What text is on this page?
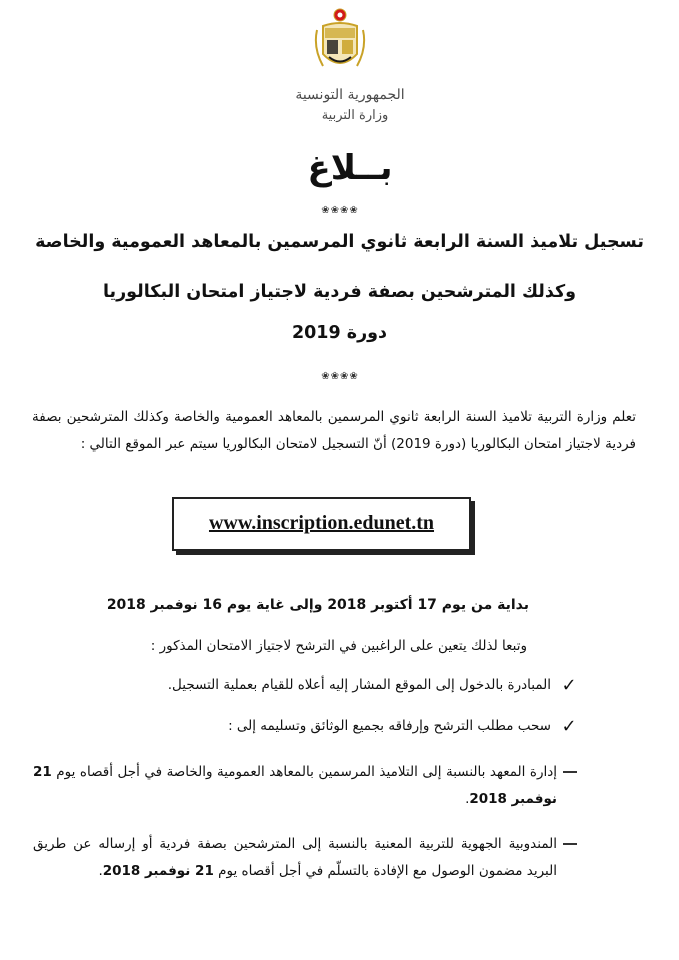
الجمهورية التونسية
وزارة التربية
بــلاغ
❀❀❀❀
تسجيل تلاميذ السنة الرابعة ثانوي المرسمين بالمعاهد العمومية والخاصة
وكذلك المترشحين بصفة فردية لاجتياز امتحان البكالوريا
دورة 2019
❀❀❀❀
تعلم وزارة التربية تلاميذ السنة الرابعة ثانوي المرسمين بالمعاهد العمومية والخاصة وكذلك المترشحين بصفة فردية لاجتياز امتحان البكالوريا (دورة 2019) أنّ التسجيل لامتحان البكالوريا سيتم عبر الموقع التالي :
www.inscription.edunet.tn
بداية من يوم 17 أكتوبر 2018 وإلى غاية يوم 16 نوفمبر 2018
وتبعا لذلك يتعين على الراغبين في الترشح لاجتياز الامتحان المذكور :
✓
المبادرة بالدخول إلى الموقع المشار إليه أعلاه للقيام بعملية التسجيل.
✓
سحب مطلب الترشح وإرفاقه بجميع الوثائق وتسليمه إلى :
إدارة المعهد بالنسبة إلى التلاميذ المرسمين بالمعاهد العمومية والخاصة في أجل أقصاه يوم 21 نوفمبر 2018.
المندوبية الجهوية للتربية المعنية بالنسبة إلى المترشحين بصفة فردية أو إرساله عن طريق البريد مضمون الوصول مع الإفادة بالتسلّم في أجل أقصاه يوم 21 نوفمبر 2018.
